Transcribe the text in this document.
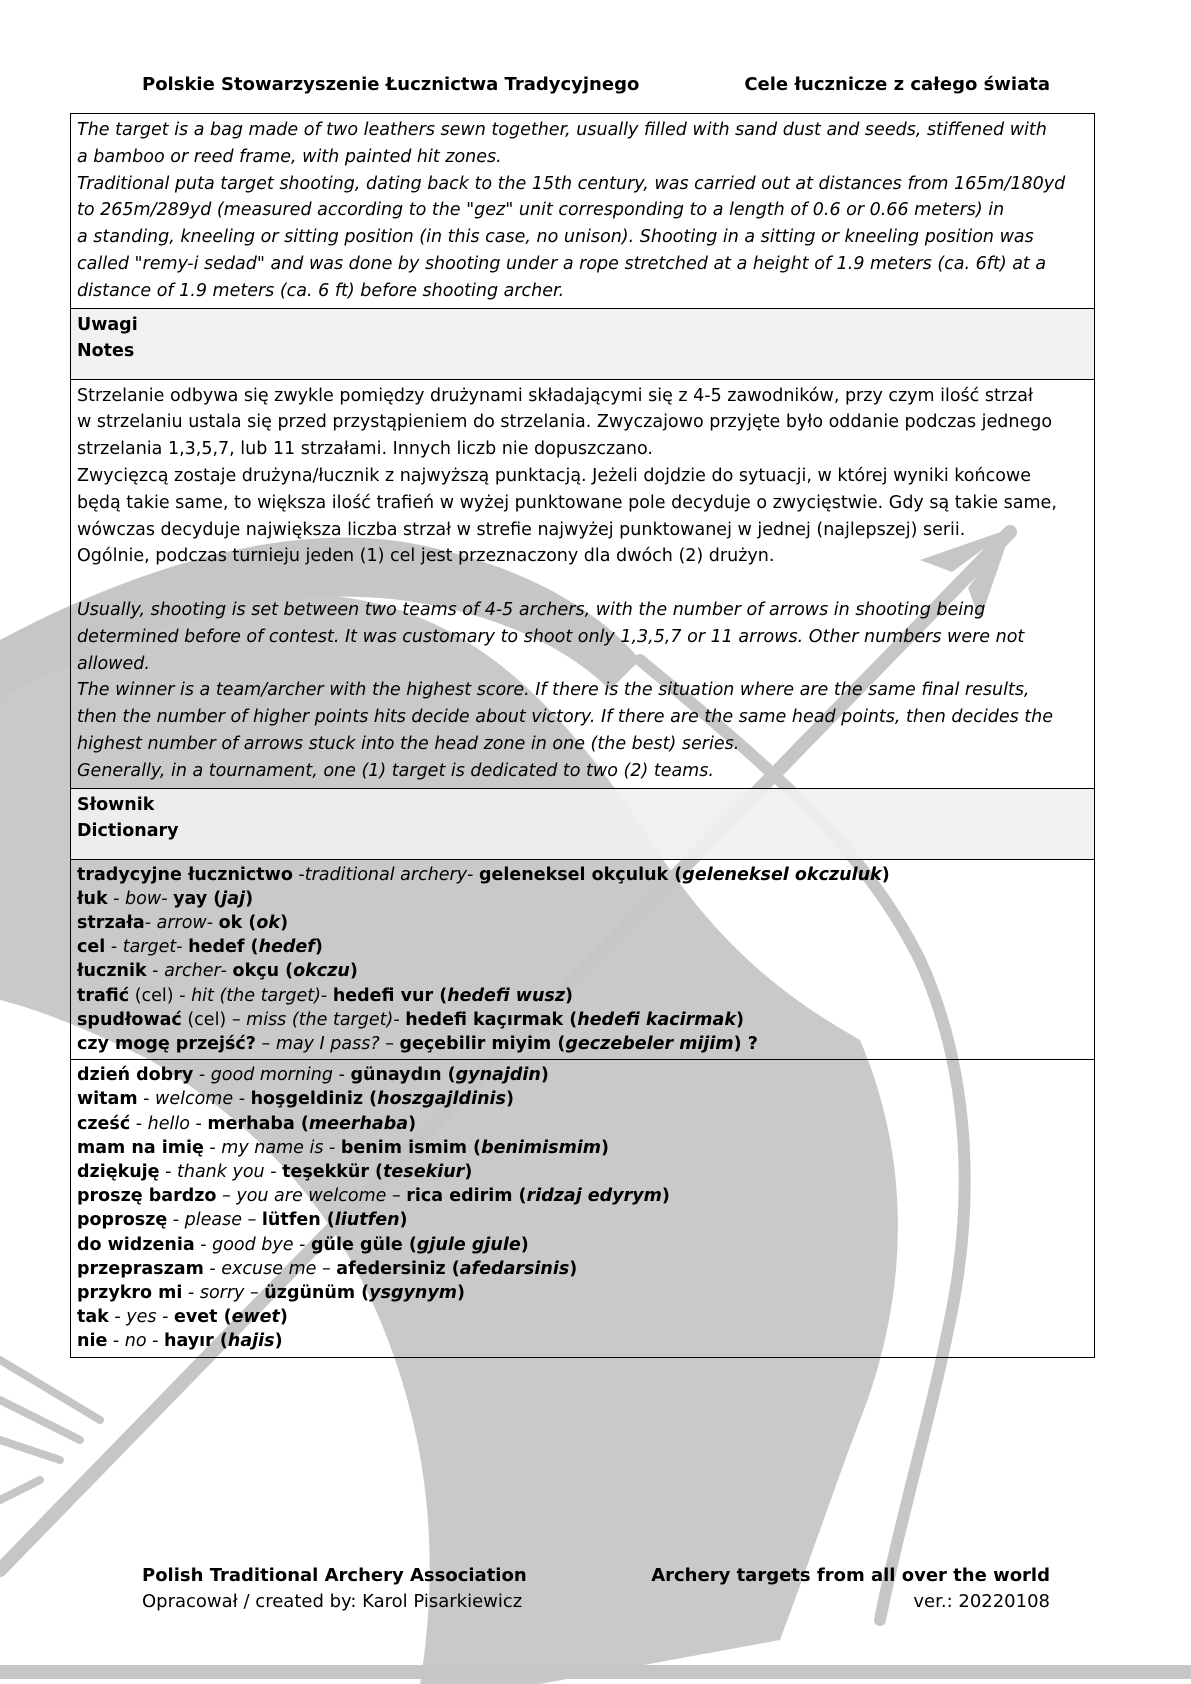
Polskie Stowarzyszenie Łucznictwa Tradycyjnego	Cele łucznicze z całego świata
The target is a bag made of two leathers sewn together, usually filled with sand dust and seeds, stiffened with
a bamboo or reed frame, with painted hit zones.
Traditional puta target shooting, dating back to the 15th century, was carried out at distances from 165m/180yd
to 265m/289yd (measured according to the "gez" unit corresponding to a length of 0.6 or 0.66 meters) in
a standing, kneeling or sitting position (in this case, no unison). Shooting in a sitting or kneeling position was
called "remy-i sedad" and was done by shooting under a rope stretched at a height of 1.9 meters (ca. 6ft) at a
distance of 1.9 meters (ca. 6 ft) before shooting archer.
Uwagi
Notes
Strzelanie odbywa się zwykle pomiędzy drużynami składającymi się z 4-5 zawodników, przy czym ilość strzał
w strzelaniu ustala się przed przystąpieniem do strzelania. Zwyczajowo przyjęte było oddanie podczas jednego
strzelania 1,3,5,7, lub 11 strzałami. Innych liczb nie dopuszczano.
Zwycięzcą zostaje drużyna/łucznik z najwyższą punktacją. Jeżeli dojdzie do sytuacji, w której wyniki końcowe
będą takie same, to większa ilość trafień w wyżej punktowane pole decyduje o zwycięstwie. Gdy są takie same,
wówczas decyduje największa liczba strzał w strefie najwyżej punktowanej w jednej (najlepszej) serii.
Ogólnie, podczas turnieju jeden (1) cel jest przeznaczony dla dwóch (2) drużyn.
Usually, shooting is set between two teams of 4-5 archers, with the number of arrows in shooting being
determined before of contest. It was customary to shoot only 1,3,5,7 or 11 arrows. Other numbers were not
allowed.
The winner is a team/archer with the highest score. If there is the situation where are the same final results,
then the number of higher points hits decide about victory. If there are the same head points, then decides the
highest number of arrows stuck into the head zone in one (the best) series.
Generally, in a tournament, one (1) target is dedicated to two (2) teams.
Słownik
Dictionary
tradycyjne łucznictwo -traditional archery- geleneksel okçuluk (geleneksel okczuluk)
łuk - bow- yay (jaj)
strzała- arrow- ok (ok)
cel - target- hedef (hedef)
łucznik - archer- okçu (okczu)
trafić (cel) - hit (the target)- hedefi vur (hedefi wusz)
spudłować (cel) – miss (the target)- hedefi kaçırmak (hedefi kacirmak)
czy mogę przejść? – may I pass? – geçebilir miyim (geczebeler mijim) ?
dzień dobry - good morning - günaydın (gynajdin)
witam - welcome - hoşgeldiniz (hoszgajldinis)
cześć - hello - merhaba (meerhaba)
mam na imię - my name is - benim ismim (benimismim)
dziękuję - thank you - teşekkür (tesekiur)
proszę bardzo – you are welcome – rica edirim (ridzaj edyrym)
poproszę - please – lütfen (liutfen)
do widzenia - good bye - güle güle (gjule gjule)
przepraszam - excuse me – afedersiniz (afedarsinis)
przykro mi - sorry – üzgünüm (ysgynym)
tak - yes - evet (ewet)
nie - no - hayır (hajis)
Polish Traditional Archery Association
Opracował / created by: Karol Pisarkiewicz
Archery targets from all over the world
ver.: 20220108
